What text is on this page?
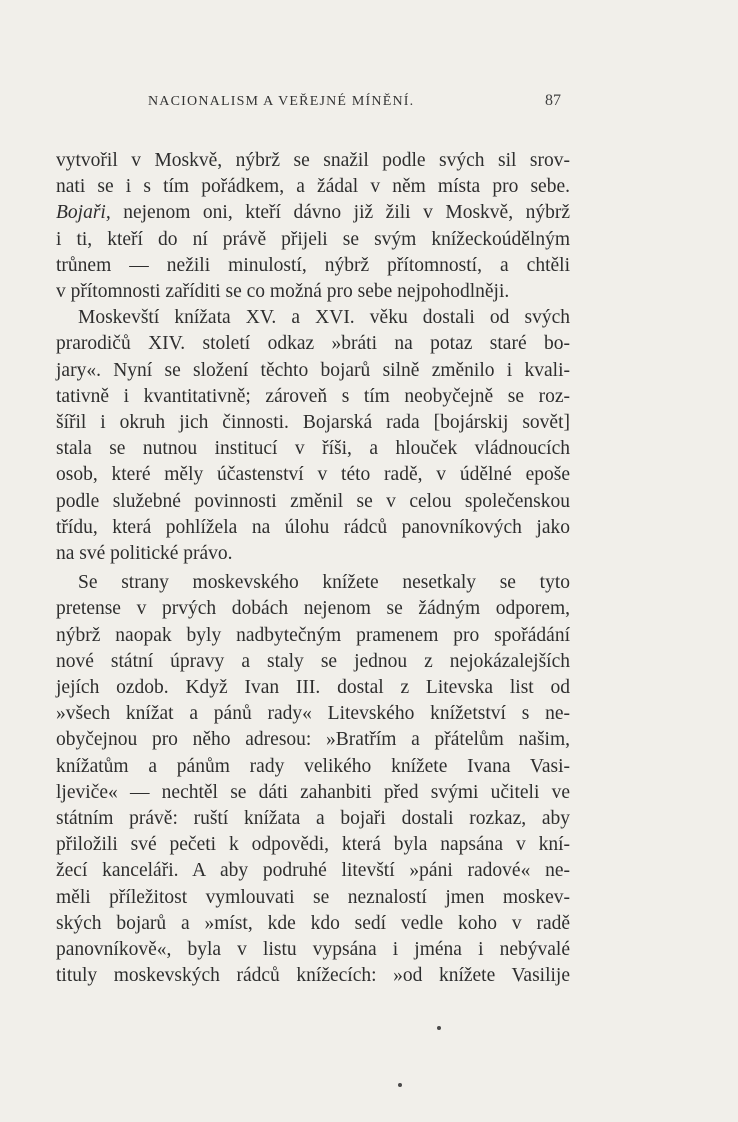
NACIONALISM A VEŘEJNÉ MÍNĚNÍ.	87
vytvořil v Moskvě, nýbrž se snažil podle svých sil srov-
nati se i s tím pořádkem, a žádal v něm místa pro sebe.
Bojaři, nejenom oni, kteří dávno již žili v Moskvě, nýbrž
i ti, kteří do ní právě přijeli se svým knížeckoúdělným
trůnem — nežili minulostí, nýbrž přítomností, a chtěli
v přítomnosti zaříditi se co možná pro sebe nejpohodlněji.
Moskevští knížata XV. a XVI. věku dostali od svých
prarodičů XIV. století odkaz »bráti na potaz staré bo-
jary«. Nyní se složení těchto bojarů silně změnilo i kvali-
tativně i kvantitativně; zároveň s tím neobyčejně se roz-
šířil i okruh jich činnosti. Bojarská rada [bojárskij sovět]
stala se nutnou institucí v říši, a hlouček vládnoucích
osob, které měly účastenství v této radě, v údělné epoše
podle služebné povinnosti změnil se v celou společenskou
třídu, která pohlížela na úlohu rádců panovníkových jako
na své politické právo.
Se strany moskevského knížete nesetkaly se tyto
pretense v prvých dobách nejenom se žádným odporem,
nýbrž naopak byly nadbytečným pramenem pro spořádání
nové státní úpravy a staly se jednou z nejokázalejších
jejích ozdob. Když Ivan III. dostal z Litevska list od
»všech knížat a pánů rady« Litevského knížetství s ne-
obyčejnou pro něho adresou: »Bratřím a přátelům našim,
knížatům a pánům rady velikého knížete Ivana Vasi-
ljeviče« — nechtěl se dáti zahanbiti před svými učiteli ve
státním právě: ruští knížata a bojaři dostali rozkaz, aby
přiložili své pečeti k odpovědi, která byla napsána v kní-
žecí kanceláři. A aby podruhé litevští »páni radové« ne-
měli příležitost vymlouvati se neznalostí jmen moskev-
ských bojarů a »míst, kde kdo sedí vedle koho v radě
panovníkově«, byla v listu vypsána i jména i nebývalé
tituly moskevských rádců knížecích: »od knížete Vasilije
